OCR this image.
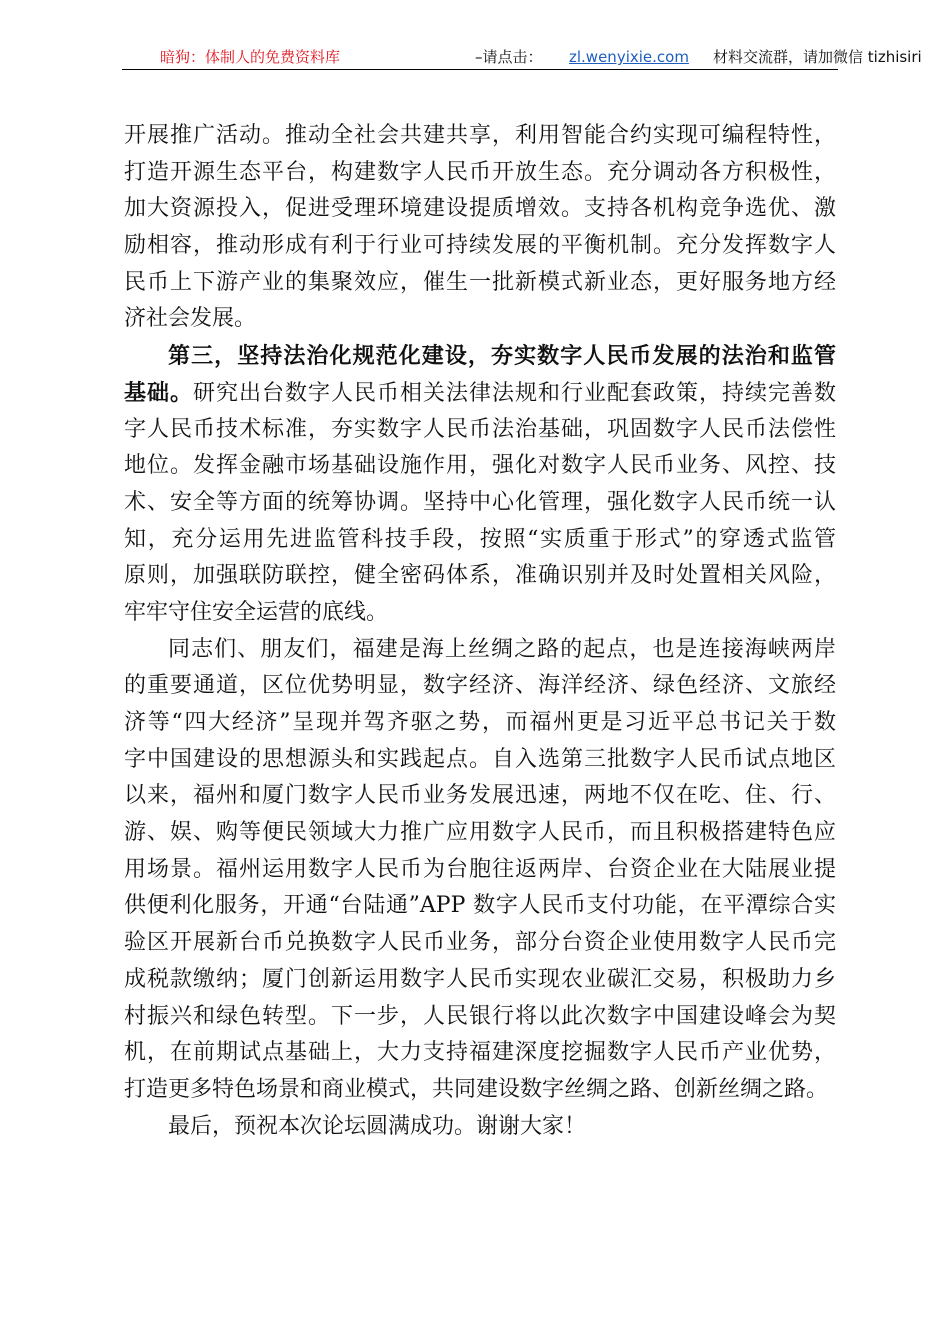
暗狗：体制人的免费资料库	–请点击： zl.wenyixie.com 材料交流群，请加微信 tizhisiri
开展推广活动。推动全社会共建共享，利用智能合约实现可编程特性，
打造开源生态平台，构建数字人民币开放生态。充分调动各方积极性，
加大资源投入，促进受理环境建设提质增效。支持各机构竞争选优、激
励相容，推动形成有利于行业可持续发展的平衡机制。充分发挥数字人
民币上下游产业的集聚效应，催生一批新模式新业态，更好服务地方经
济社会发展。
第三，坚持法治化规范化建设，夯实数字人民币发展的法治和监管
基础。研究出台数字人民币相关法律法规和行业配套政策，持续完善数
字人民币技术标准，夯实数字人民币法治基础，巩固数字人民币法偿性
地位。发挥金融市场基础设施作用，强化对数字人民币业务、风控、技
术、安全等方面的统筹协调。坚持中心化管理，强化数字人民币统一认
知，充分运用先进监管科技手段，按照“实质重于形式”的穿透式监管
原则，加强联防联控，健全密码体系，准确识别并及时处置相关风险，
牢牢守住安全运营的底线。
同志们、朋友们，福建是海上丝绸之路的起点，也是连接海峡两岸
的重要通道，区位优势明显，数字经济、海洋经济、绿色经济、文旅经
济等“四大经济”呈现并驾齐驱之势，而福州更是习近平总书记关于数
字中国建设的思想源头和实践起点。自入选第三批数字人民币试点地区
以来，福州和厦门数字人民币业务发展迅速，两地不仅在吃、住、行、
游、娱、购等便民领域大力推广应用数字人民币，而且积极搭建特色应
用场景。福州运用数字人民币为台胞往返两岸、台资企业在大陆展业提
供便利化服务，开通“台陆通”APP 数字人民币支付功能，在平潭综合实
验区开展新台币兑换数字人民币业务，部分台资企业使用数字人民币完
成税款缴纳；厦门创新运用数字人民币实现农业碳汇交易，积极助力乡
村振兴和绿色转型。下一步，人民银行将以此次数字中国建设峰会为契
机，在前期试点基础上，大力支持福建深度挖掘数字人民币产业优势，
打造更多特色场景和商业模式，共同建设数字丝绸之路、创新丝绸之路。
最后，预祝本次论坛圆满成功。谢谢大家！
